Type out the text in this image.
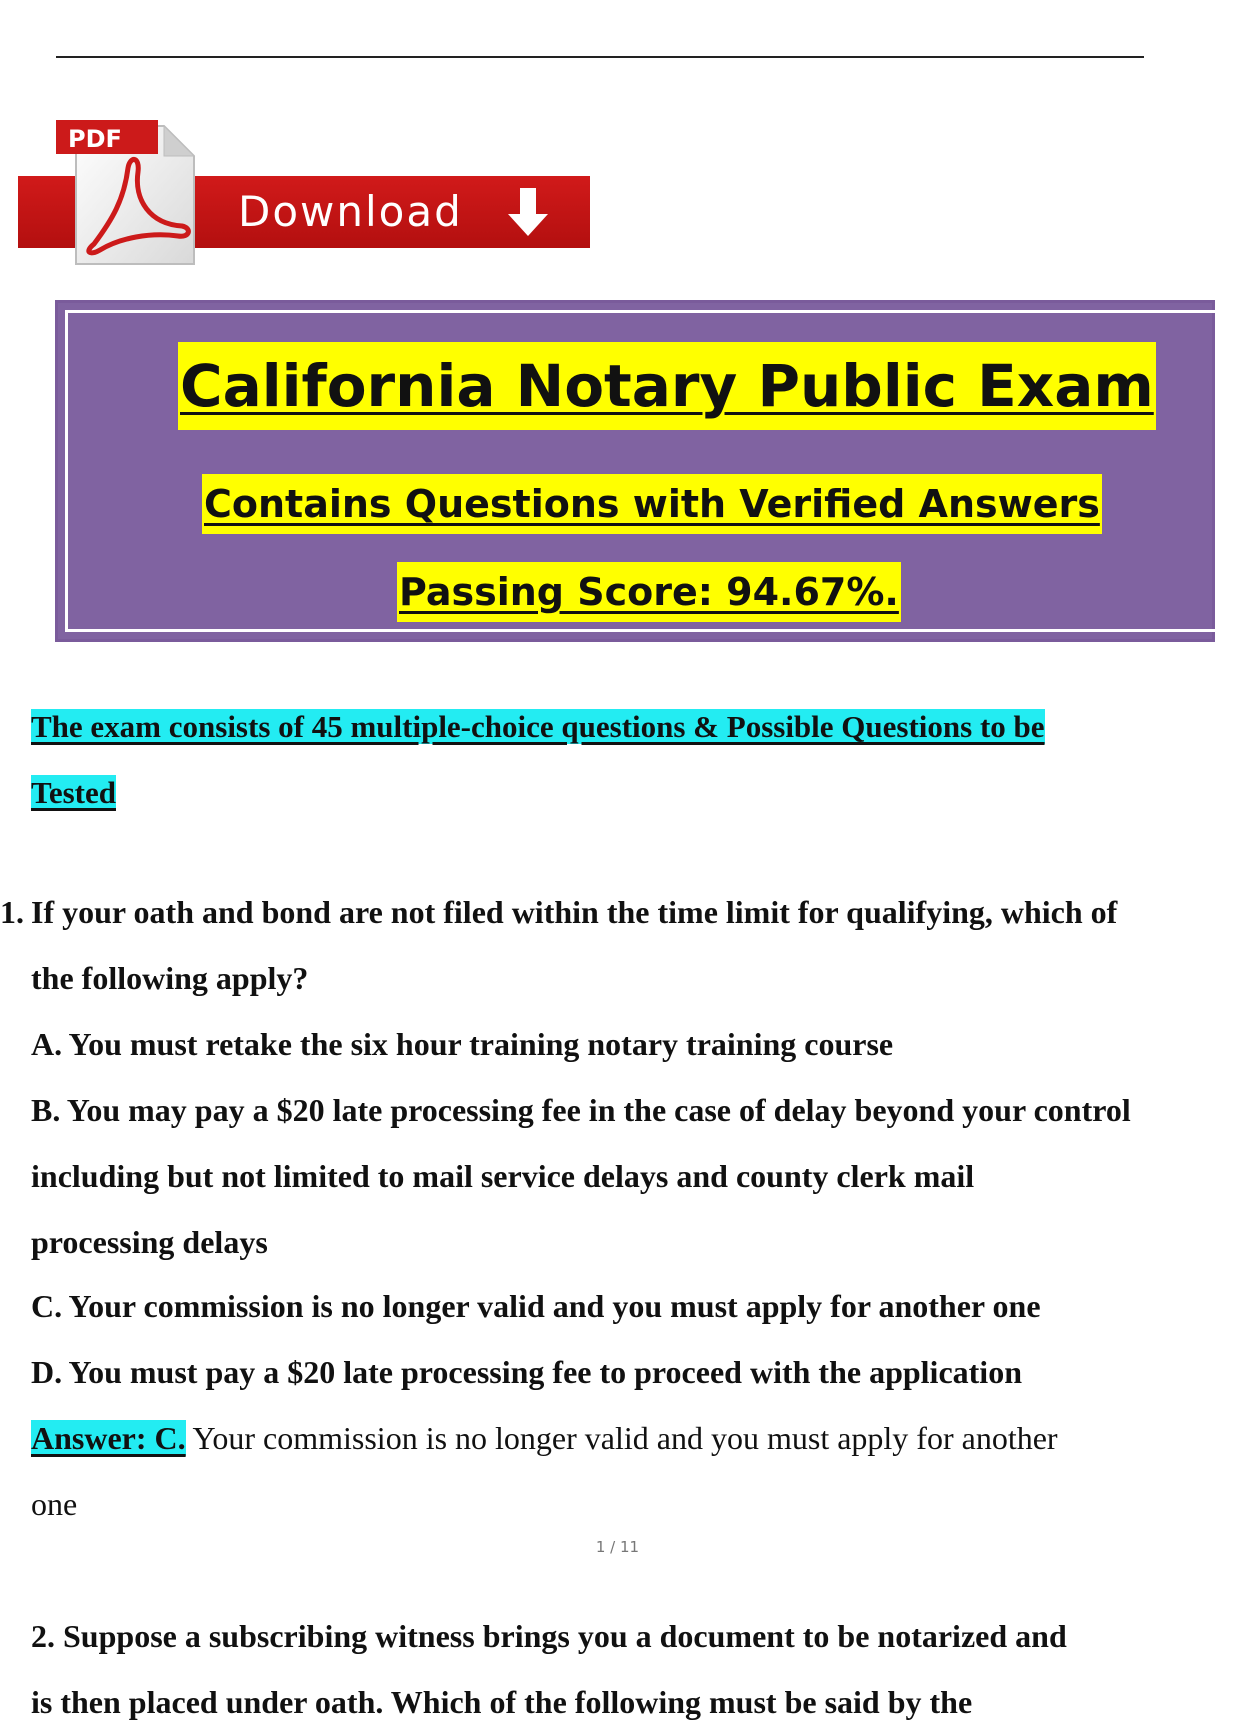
Download
PDF
California Notary Public Exam
Contains Questions with Verified Answers
Passing Score: 94.67%.

The exam consists of 45 multiple-choice questions & Possible Questions to be
Tested

1. If your oath and bond are not filed within the time limit for qualifying, which of
the following apply?
A. You must retake the six hour training notary training course
B. You may pay a $20 late processing fee in the case of delay beyond your control
including but not limited to mail service delays and county clerk mail
processing delays
C. Your commission is no longer valid and you must apply for another one
D. You must pay a $20 late processing fee to proceed with the application
Answer: C. Your commission is no longer valid and you must apply for another
one
1 / 11
2. Suppose a subscribing witness brings you a document to be notarized and
is then placed under oath. Which of the following must be said by the
